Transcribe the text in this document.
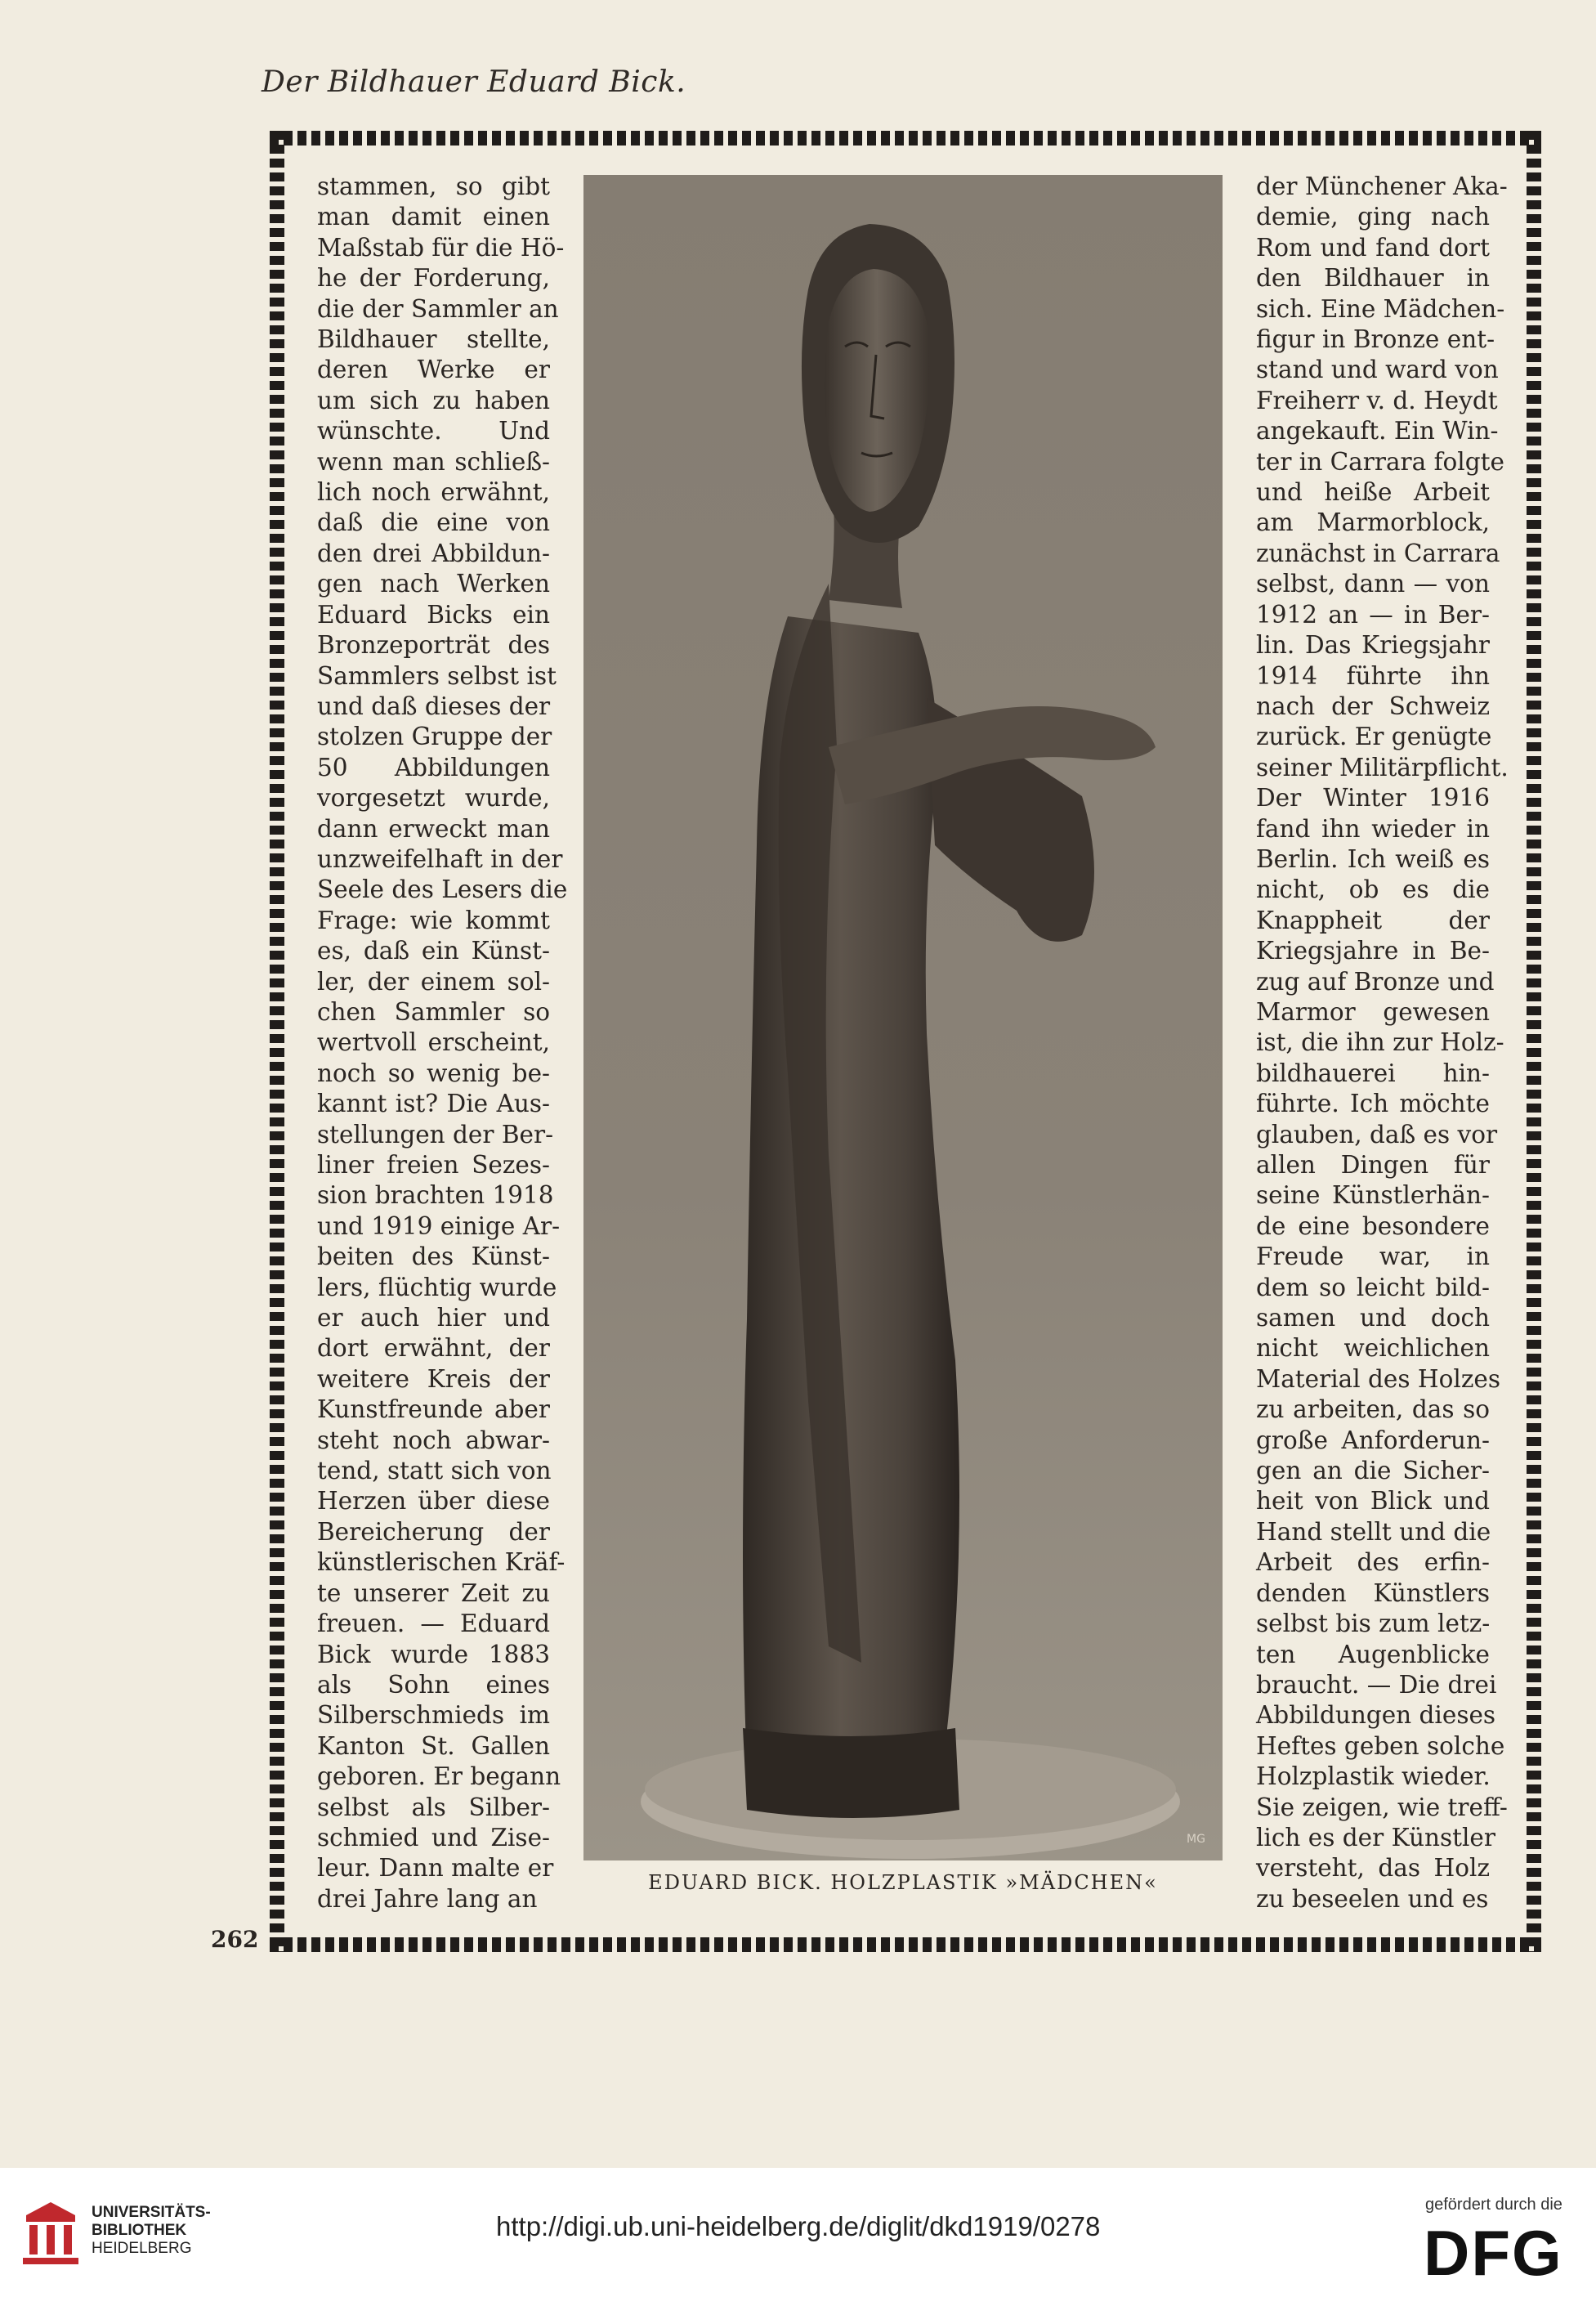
Der Bildhauer Eduard Bick.
stammen, so gibt
man damit einen
Maßstab für die Hö-
he der Forderung,
die der Sammler an
Bildhauer stellte,
deren Werke er
um sich zu haben
wünschte. Und
wenn man schließ-
lich noch erwähnt,
daß die eine von
den drei Abbildun-
gen nach Werken
Eduard Bicks ein
Bronzeporträt des
Sammlers selbst ist
und daß dieses der
stolzen Gruppe der
50 Abbildungen
vorgesetzt wurde,
dann erweckt man
unzweifelhaft in der
Seele des Lesers die
Frage: wie kommt
es, daß ein Künst-
ler, der einem sol-
chen Sammler so
wertvoll erscheint,
noch so wenig be-
kannt ist? Die Aus-
stellungen der Ber-
liner freien Sezes-
sion brachten 1918
und 1919 einige Ar-
beiten des Künst-
lers, flüchtig wurde
er auch hier und
dort erwähnt, der
weitere Kreis der
Kunstfreunde aber
steht noch abwar-
tend, statt sich von
Herzen über diese
Bereicherung der
künstlerischen Kräf-
te unserer Zeit zu
freuen. — Eduard
Bick wurde 1883
als Sohn eines
Silberschmieds im
Kanton St. Gallen
geboren. Er begann
selbst als Silber-
schmied und Zise-
leur. Dann malte er
drei Jahre lang an
MG
EDUARD BICK. HOLZPLASTIK »MÄDCHEN«
der Münchener Aka-
demie, ging nach
Rom und fand dort
den Bildhauer in
sich. Eine Mädchen-
figur in Bronze ent-
stand und ward von
Freiherr v. d. Heydt
angekauft. Ein Win-
ter in Carrara folgte
und heiße Arbeit
am Marmorblock,
zunächst in Carrara
selbst, dann — von
1912 an — in Ber-
lin. Das Kriegsjahr
1914 führte ihn
nach der Schweiz
zurück. Er genügte
seiner Militärpflicht.
Der Winter 1916
fand ihn wieder in
Berlin. Ich weiß es
nicht, ob es die
Knappheit der
Kriegsjahre in Be-
zug auf Bronze und
Marmor gewesen
ist, die ihn zur Holz-
bildhauerei hin-
führte. Ich möchte
glauben, daß es vor
allen Dingen für
seine Künstlerhän-
de eine besondere
Freude war, in
dem so leicht bild-
samen und doch
nicht weichlichen
Material des Holzes
zu arbeiten, das so
große Anforderun-
gen an die Sicher-
heit von Blick und
Hand stellt und die
Arbeit des erfin-
denden Künstlers
selbst bis zum letz-
ten Augenblicke
braucht. — Die drei
Abbildungen dieses
Heftes geben solche
Holzplastik wieder.
Sie zeigen, wie treff-
lich es der Künstler
versteht, das Holz
zu beseelen und es
262
UNIVERSITÄTS-
BIBLIOTHEK
HEIDELBERG
http://digi.ub.uni-heidelberg.de/diglit/dkd1919/0278
gefördert durch die
DFG
